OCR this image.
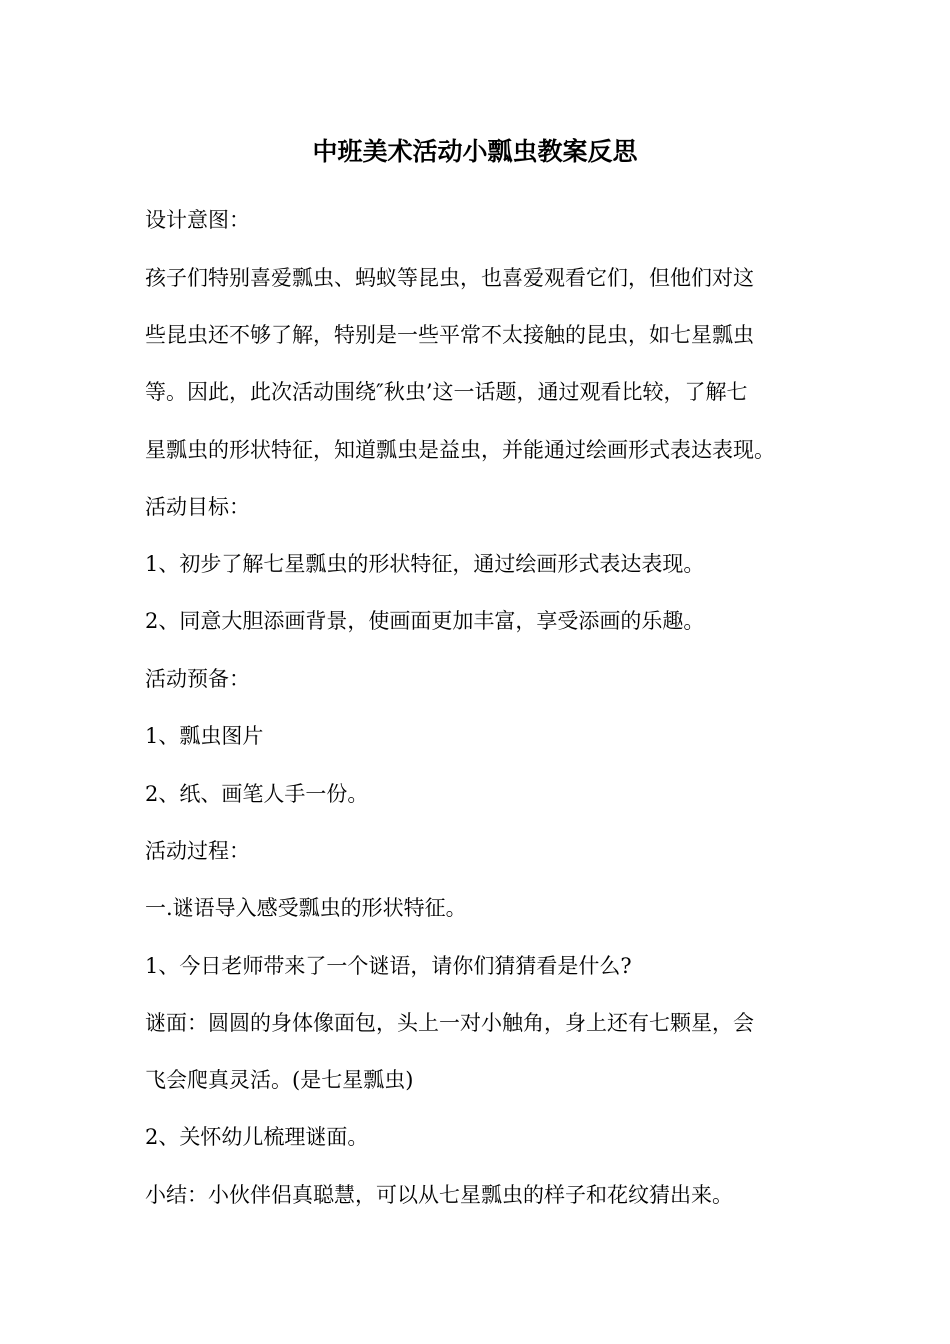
中班美术活动小瓢虫教案反思

设计意图：

孩子们特别喜爱瓢虫、蚂蚁等昆虫，也喜爱观看它们，但他们对这

些昆虫还不够了解，特别是一些平常不太接触的昆虫，如七星瓢虫

等。因此，此次活动围绕″秋虫’这一话题，通过观看比较，了解七

星瓢虫的形状特征，知道瓢虫是益虫，并能通过绘画形式表达表现。

活动目标：

1、初步了解七星瓢虫的形状特征，通过绘画形式表达表现。

2、同意大胆添画背景，使画面更加丰富，享受添画的乐趣。

活动预备：

1、瓢虫图片

2、纸、画笔人手一份。

活动过程：

一.谜语导入感受瓢虫的形状特征。

1、今日老师带来了一个谜语，请你们猜猜看是什么?

谜面：圆圆的身体像面包，头上一对小触角，身上还有七颗星，会

飞会爬真灵活。(是七星瓢虫)

2、关怀幼儿梳理谜面。

小结：小伙伴侣真聪慧，可以从七星瓢虫的样子和花纹猜出来。
